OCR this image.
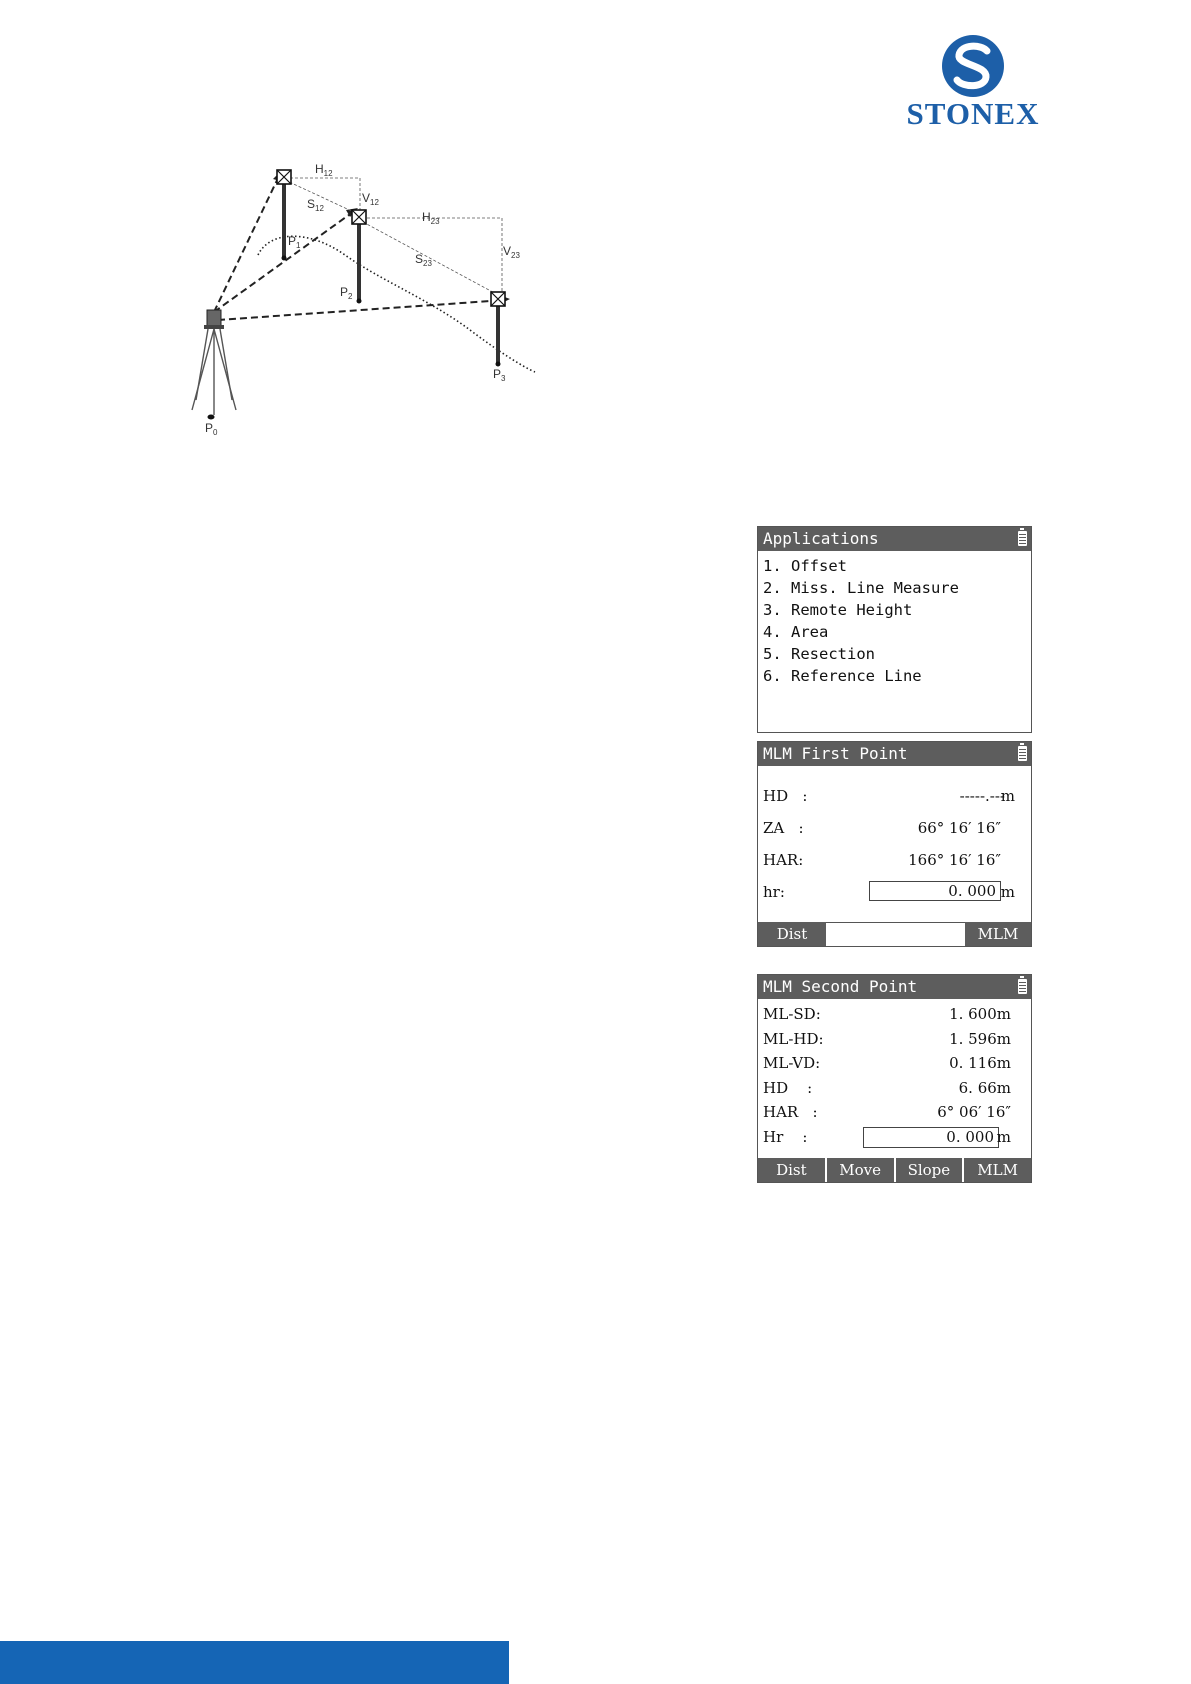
STONEX
$H_{12}$
$V_{12}$
$S_{12}$
$H_{23}$
$V_{23}$
$S_{23}$
$P_1$
$P_2$
$P_3$
$P_0$
Applications
1. Offset
2. Miss. Line Measure
3. Remote Height
4. Area
5. Resection
6. Reference Line
MLM First Point
HD   :	-----.---
m
ZA   :	66° 16′ 16″
HAR:	166° 16′ 16″
hr:	0. 000 m
Dist	MLM
MLM Second Point
ML-SD:	1. 600m
ML-HD:	1. 596m
ML-VD:	0. 116m
HD    :	6. 66m
HAR   :	6° 06′ 16″
Hr    :	0. 000 m
Dist	Move	Slope	MLM
